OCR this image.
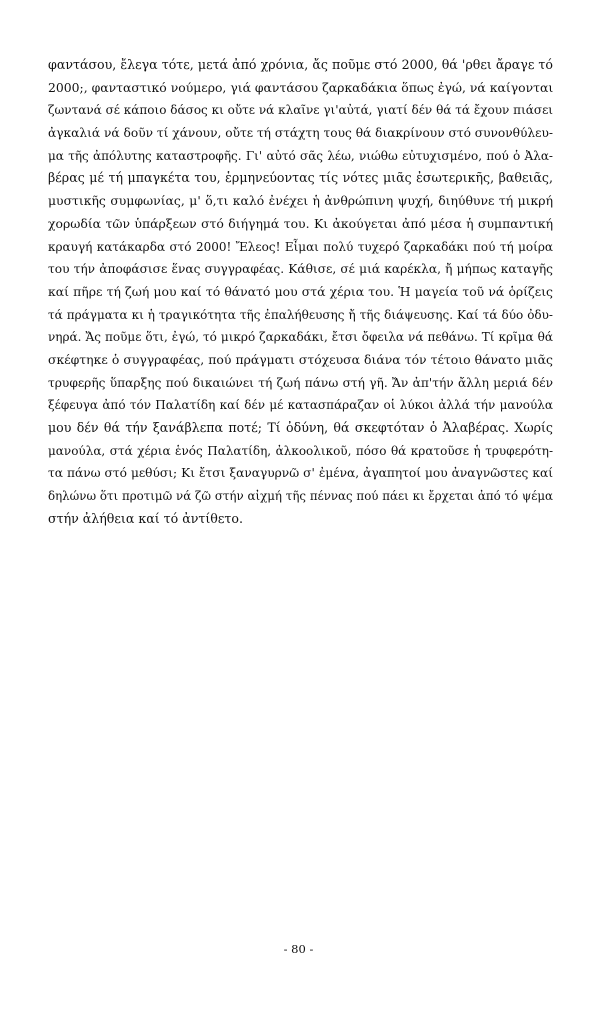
φαντάσου, ἔλεγα τότε, μετά ἀπό χρόνια, ἄς ποῦμε στό 2000, θά 'ρθει ἄραγε τό
2000;, φανταστικό νούμερο, γιά φαντάσου ζαρκαδάκια ὅπως ἐγώ, νά καίγονται
ζωντανά σέ κάποιο δάσος κι οὔτε νά κλαῖνε γι'αὐτά, γιατί δέν θά τά ἔχουν πιάσει
ἀγκαλιά νά δοῦν τί χάνουν, οὔτε τή στάχτη τους θά διακρίνουν στό συνονθύλευ-
μα τῆς ἀπόλυτης καταστροφῆς. Γι' αὐτό σᾶς λέω, νιώθω εὐτυχισμένο, πού ὁ Ἀλα-
βέρας μέ τή μπαγκέτα του, ἑρμηνεύοντας τίς νότες μιᾶς ἐσωτερικῆς, βαθειᾶς,
μυστικῆς συμφωνίας, μ' ὅ,τι καλό ἐνέχει ἡ ἀνθρώπινη ψυχή, διηύθυνε τή μικρή
χορωδία τῶν ὑπάρξεων στό διήγημά του. Κι ἀκούγεται ἀπό μέσα ἡ συμπαντική
κραυγή κατάκαρδα στό 2000! Ἔλεος! Εἶμαι πολύ τυχερό ζαρκαδάκι πού τή μοίρα
του τήν ἀποφάσισε ἕνας συγγραφέας. Κάθισε, σέ μιά καρέκλα, ἤ μήπως καταγῆς
καί πῆρε τή ζωή μου καί τό θάνατό μου στά χέρια του. Ἡ μαγεία τοῦ νά ὁρίζεις
τά πράγματα κι ἡ τραγικότητα τῆς ἐπαλήθευσης ἤ τῆς διάψευσης. Καί τά δύο ὀδυ-
νηρά. Ἄς ποῦμε ὅτι, ἐγώ, τό μικρό ζαρκαδάκι, ἔτσι ὄφειλα νά πεθάνω. Τί κρῖμα θά
σκέφτηκε ὁ συγγραφέας, πού πράγματι στόχευσα διάνα τόν τέτοιο θάνατο μιᾶς
τρυφερῆς ὕπαρξης πού δικαιώνει τή ζωή πάνω στή γῆ. Ἄν ἀπ'τήν ἄλλη μεριά δέν
ξέφευγα ἀπό τόν Παλατίδη καί δέν μέ κατασπάραζαν οἱ λύκοι ἀλλά τήν μανούλα
μου δέν θά τήν ξανάβλεπα ποτέ; Τί ὀδύνη, θά σκεφτόταν ὁ Ἀλαβέρας. Χωρίς
μανούλα, στά χέρια ἑνός Παλατίδη, ἀλκοολικοῦ, πόσο θά κρατοῦσε ἡ τρυφερότη-
τα πάνω στό μεθύσι; Κι ἔτσι ξαναγυρνῶ σ' ἐμένα, ἀγαπητοί μου ἀναγνῶστες καί
δηλώνω ὅτι προτιμῶ νά ζῶ στήν αἰχμή τῆς πέννας πού πάει κι ἔρχεται ἀπό τό ψέμα
στήν ἀλήθεια καί τό ἀντίθετο.
- 80 -
